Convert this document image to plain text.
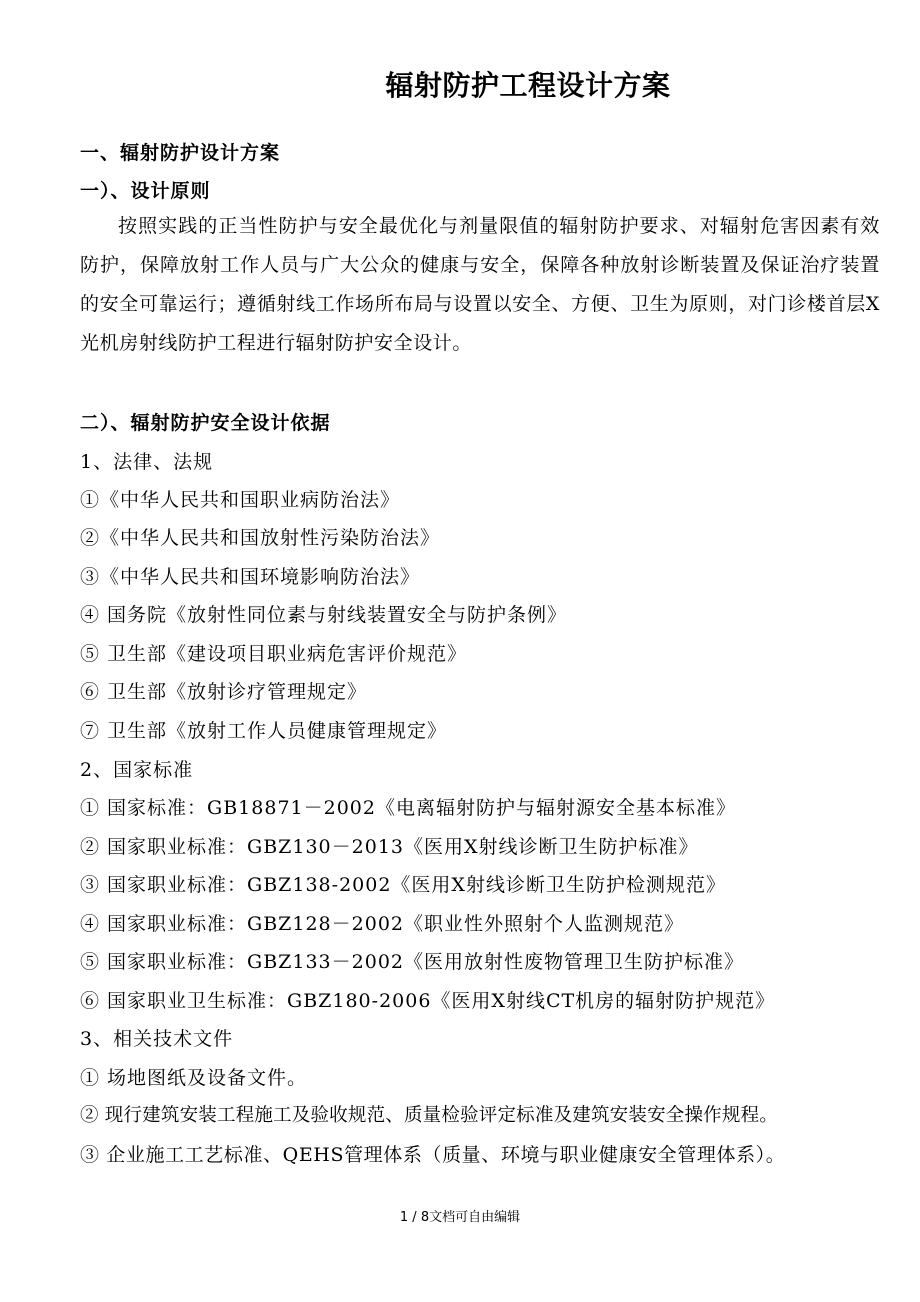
辐射防护工程设计方案
一、辐射防护设计方案
一）、设计原则
按照实践的正当性防护与安全最优化与剂量限值的辐射防护要求、对辐射危害因素有效防护，保障放射工作人员与广大公众的健康与安全，保障各种放射诊断装置及保证治疗装置的安全可靠运行；遵循射线工作场所布局与设置以安全、方便、卫生为原则，对门诊楼首层X光机房射线防护工程进行辐射防护安全设计。
二）、辐射防护安全设计依据
1、法律、法规
①《中华人民共和国职业病防治法》
②《中华人民共和国放射性污染防治法》
③《中华人民共和国环境影响防治法》
④ 国务院《放射性同位素与射线装置安全与防护条例》
⑤ 卫生部《建设项目职业病危害评价规范》
⑥ 卫生部《放射诊疗管理规定》
⑦ 卫生部《放射工作人员健康管理规定》
2、国家标准
① 国家标准：GB18871－2002《电离辐射防护与辐射源安全基本标准》
② 国家职业标准：GBZ130－2013《医用X射线诊断卫生防护标准》
③ 国家职业标准：GBZ138-2002《医用X射线诊断卫生防护检测规范》
④ 国家职业标准：GBZ128－2002《职业性外照射个人监测规范》
⑤ 国家职业标准：GBZ133－2002《医用放射性废物管理卫生防护标准》
⑥ 国家职业卫生标准：GBZ180-2006《医用X射线CT机房的辐射防护规范》
3、相关技术文件
① 场地图纸及设备文件。
② 现行建筑安装工程施工及验收规范、质量检验评定标准及建筑安装安全操作规程。
③ 企业施工工艺标准、QEHS管理体系（质量、环境与职业健康安全管理体系）。
1 / 8文档可自由编辑
